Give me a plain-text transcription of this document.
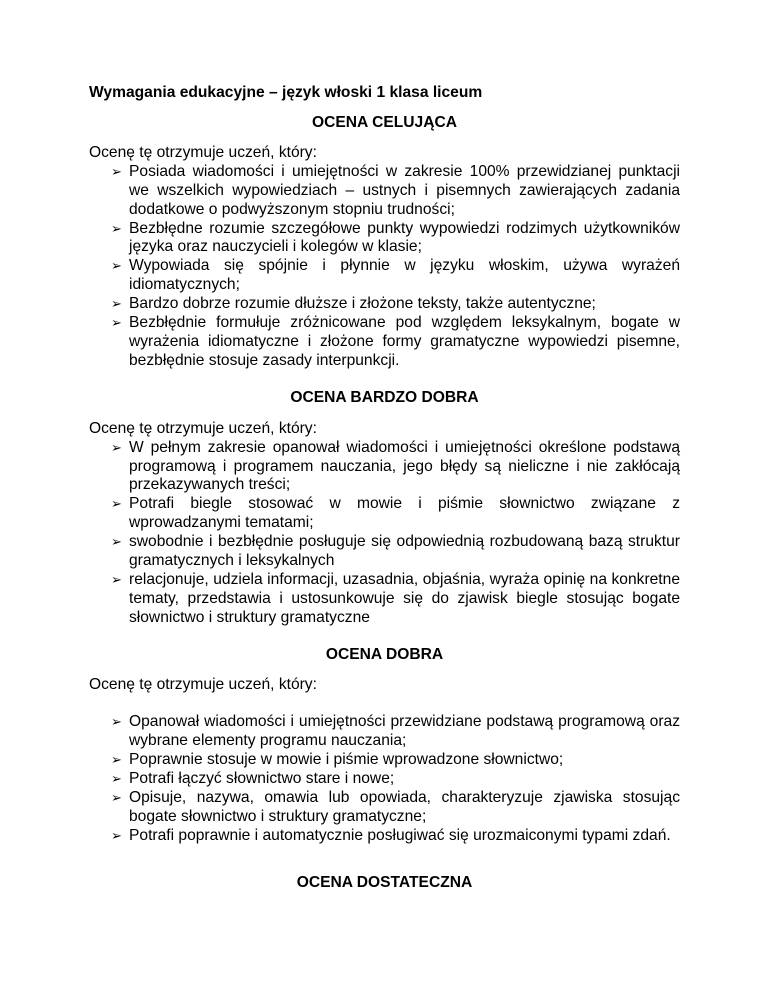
Wymagania edukacyjne – język włoski 1 klasa liceum

OCENA CELUJĄCA

Ocenę tę otrzymuje uczeń, który:

➢ Posiada wiadomości i umiejętności w zakresie 100% przewidzianej punktacji we wszelkich wypowiedziach – ustnych i pisemnych zawierających zadania dodatkowe o podwyższonym stopniu trudności;
➢ Bezbłędne rozumie szczegółowe punkty wypowiedzi rodzimych użytkowników języka oraz nauczycieli i kolegów w klasie;
➢ Wypowiada się spójnie i płynnie w języku włoskim, używa wyrażeń idiomatycznych;
➢ Bardzo dobrze rozumie dłuższe i złożone teksty, także autentyczne;
➢ Bezbłędnie formułuje zróżnicowane pod względem leksykalnym, bogate w wyrażenia idiomatyczne i złożone formy gramatyczne wypowiedzi pisemne, bezbłędnie stosuje zasady interpunkcji.

OCENA BARDZO DOBRA

Ocenę tę otrzymuje uczeń, który:

➢ W pełnym zakresie opanował wiadomości i umiejętności określone podstawą programową i programem nauczania, jego błędy są nieliczne i nie zakłócają przekazywanych treści;
➢ Potrafi biegle stosować w mowie i piśmie słownictwo związane z wprowadzanymi tematami;
➢ swobodnie i bezbłędnie posługuje się odpowiednią rozbudowaną bazą struktur gramatycznych i leksykalnych
➢ relacjonuje, udziela informacji, uzasadnia, objaśnia, wyraża opinię na konkretne tematy, przedstawia i ustosunkowuje się do zjawisk biegle stosując bogate słownictwo i struktury gramatyczne

OCENA DOBRA

Ocenę tę otrzymuje uczeń, który:

➢ Opanował wiadomości i umiejętności przewidziane podstawą programową oraz wybrane elementy programu nauczania;
➢ Poprawnie stosuje w mowie i piśmie wprowadzone słownictwo;
➢ Potrafi łączyć słownictwo stare i nowe;
➢ Opisuje, nazywa, omawia lub opowiada, charakteryzuje zjawiska stosując bogate słownictwo i struktury gramatyczne;
➢ Potrafi poprawnie i automatycznie posługiwać się urozmaiconymi typami zdań.

OCENA DOSTATECZNA
